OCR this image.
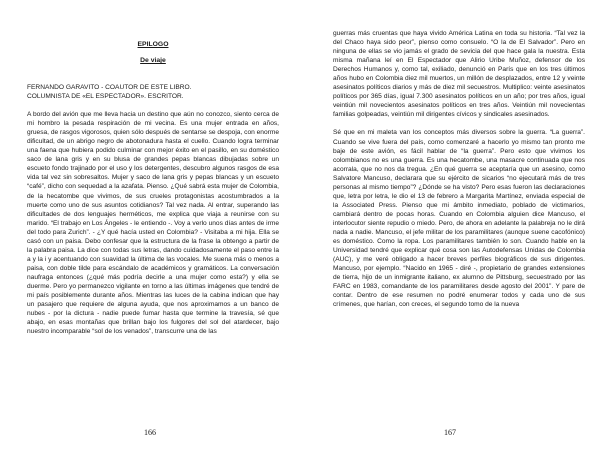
EPILOGO

De viaje

FERNANDO GARAVITO - COAUTOR DE ESTE LIBRO.

COLUMNISTA DE «EL ESPECTADOR». ESCRITOR.

A bordo del avión que me lleva hacia un destino que aún no conozco, siento cerca de mi hombro la pesada respiración de mi vecina. Es una mujer entrada en años, gruesa, de rasgos vigorosos, quien sólo después de sentarse se despoja, con enorme dificultad, de un abrigo negro de abotonadura hasta el cuello. Cuando logra terminar una faena que hubiera podido culminar con mejor éxito en el pasillo, en su doméstico saco de lana gris y en su blusa de grandes pepas blancas dibujadas sobre un escueto fondo trajinado por el uso y los detergentes, descubro algunos rasgos de esa vida tal vez sin sobresaltos. Mujer y saco de lana gris y pepas blancas y un escueto “café”, dicho con sequedad a la azafata. Pienso. ¿Qué sabrá esta mujer de Colombia, de la hecatombe que vivimos, de sus crueles protagonistas acostumbrados a la muerte como uno de sus asuntos cotidianos? Tal vez nada. Al entrar, superando las dificultades de dos lenguajes herméticos, me explica que viaja a reunirse con su marido. “El trabajo en Los Ángeles - le entiendo -. Voy a verlo unos días antes de irme del todo para Zurich”. - ¿Y qué hacía usted en Colombia? - Visitaba a mi hija. Ella se casó con un paisa. Debo confesar que la estructura de la frase la obtengo a partir de la palabra paisa. La dice con todas sus letras, dando cuidadosamente el paso entre la a y la i y acentuando con suavidad la última de las vocales. Me suena más o menos a paisa, con doble tilde para escándalo de académicos y gramáticos. La conversación naufraga entonces (¿qué más podría decirle a una mujer como esta?) y ella se duerme. Pero yo permanezco vigilante en torno a las últimas imágenes que tendré de mi país posiblemente durante años. Mientras las luces de la cabina indican que hay un pasajero que requiere de alguna ayuda, que nos aproximamos a un banco de nubes - por la dictura - nadie puede fumar hasta que termine la travesía, sé que abajo, en esas montañas que brillan bajo los fulgores del sol del atardecer, bajo nuestro incomparable “sol de los venados”, transcurre una de las

166

guerras más cruentas que haya vivido América Latina en toda su historia. “Tal vez la del Chaco haya sido peor”, pienso como consuelo. “O la de El Salvador”. Pero en ninguna de ellas se vio jamás el grado de sevicia del que hace gala la nuestra. Esta misma mañana leí en El Espectador que Alirio Uribe Muñoz, defensor de los Derechos Humanos y, como tal, exiliado, denunció en París que en los tres últimos años hubo en Colombia diez mil muertos, un millón de desplazados, entre 12 y veinte asesinatos políticos diarios y más de diez mil secuestros. Multiplico: veinte asesinatos políticos por 365 días, igual 7.300 asesinatos políticos en un año; por tres años, igual veintiún mil novecientos asesinatos políticos en tres años. Veintiún mil novecientas familias golpeadas, veintiún mil dirigentes cívicos y sindicales asesinados.

Sé que en mi maleta van los conceptos más diversos sobre la guerra. “La guerra”. Cuando se vive fuera del país, como comenzaré a hacerlo yo mismo tan pronto me baje de este avión, es fácil hablar de “la guerra”. Pero esto que vivimos los colombianos no es una guerra. Es una hecatombe, una masacre continuada que nos acorrala, que no nos da tregua. ¿En qué guerra se aceptaría que un asesino, como Salvatore Mancuso, declarara que su ejército de sicarios “no ejecutará más de tres personas al mismo tiempo”? ¿Dónde se ha visto? Pero esas fueron las declaraciones que, letra por letra, le dio el 13 de febrero a Margarita Martínez, enviada especial de la Associated Press. Pienso que mi ámbito inmediato, poblado de victimarios, cambiará dentro de pocas horas. Cuando en Colombia alguien dice Mancuso, el interlocutor siente repudio o miedo. Pero, de ahora en adelante la palabreja no le dirá nada a nadie. Mancuso, el jefe militar de los paramilitares (aunque suene cacofónico) es doméstico. Como la ropa. Los paramilitares también lo son. Cuando hable en la Universidad tendré que explicar qué cosa son las Autodefensas Unidas de Colombia (AUC), y me veré obligado a hacer breves perfiles biográficos de sus dirigentes. Mancuso, por ejemplo. “Nacido en 1965 - diré -, propietario de grandes extensiones de tierra, hijo de un inmigrante italiano, ex alumno de Pittsburg, secuestrado por las FARC en 1983, comandante de los paramilitares desde agosto del 2001”. Y pare de contar. Dentro de ese resumen no podré enumerar todos y cada uno de sus crímenes, que harían, con creces, el segundo tomo de la nueva

167
